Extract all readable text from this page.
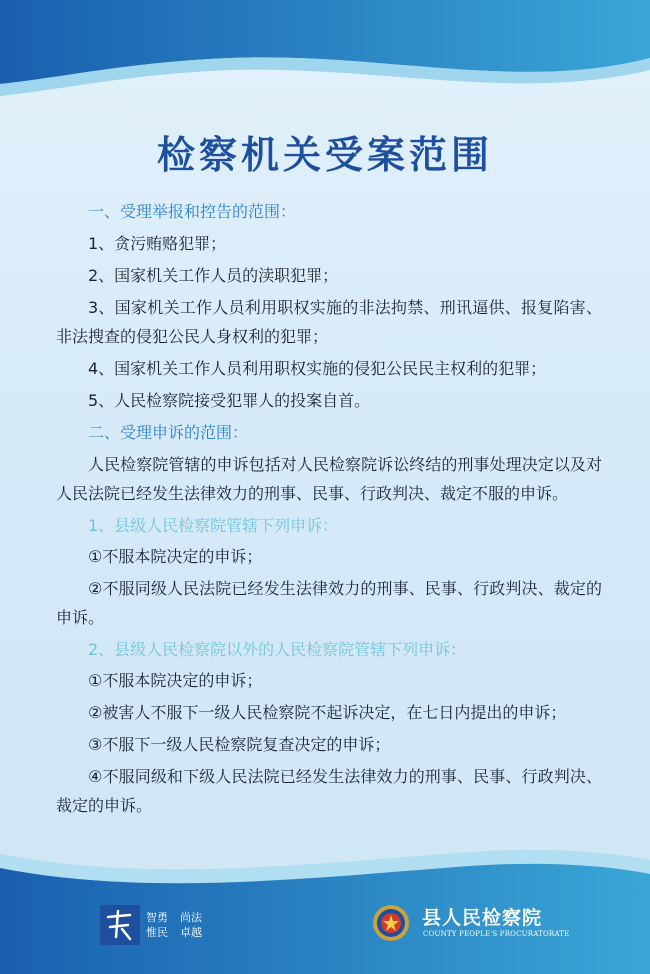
检察机关受案范围

一、受理举报和控告的范围：

1、贪污贿赂犯罪；

2、国家机关工作人员的渎职犯罪；

3、国家机关工作人员利用职权实施的非法拘禁、刑讯逼供、报复陷害、非法搜查的侵犯公民人身权利的犯罪；

4、国家机关工作人员利用职权实施的侵犯公民民主权利的犯罪；

5、人民检察院接受犯罪人的投案自首。

二、受理申诉的范围：

人民检察院管辖的申诉包括对人民检察院诉讼终结的刑事处理决定以及对人民法院已经发生法律效力的刑事、民事、行政判决、裁定不服的申诉。

1、县级人民检察院管辖下列申诉：

①不服本院决定的申诉；

②不服同级人民法院已经发生法律效力的刑事、民事、行政判决、裁定的申诉。

2、县级人民检察院以外的人民检察院管辖下列申诉：

①不服本院决定的申诉；

②被害人不服下一级人民检察院不起诉决定，在七日内提出的申诉；

③不服下一级人民检察院复查决定的申诉；

④不服同级和下级人民法院已经发生法律效力的刑事、民事、行政判决、裁定的申诉。

智勇
惟民
尚法
卓越
县人民检察院
COUNTY PEOPLE'S PROCURATORATE
